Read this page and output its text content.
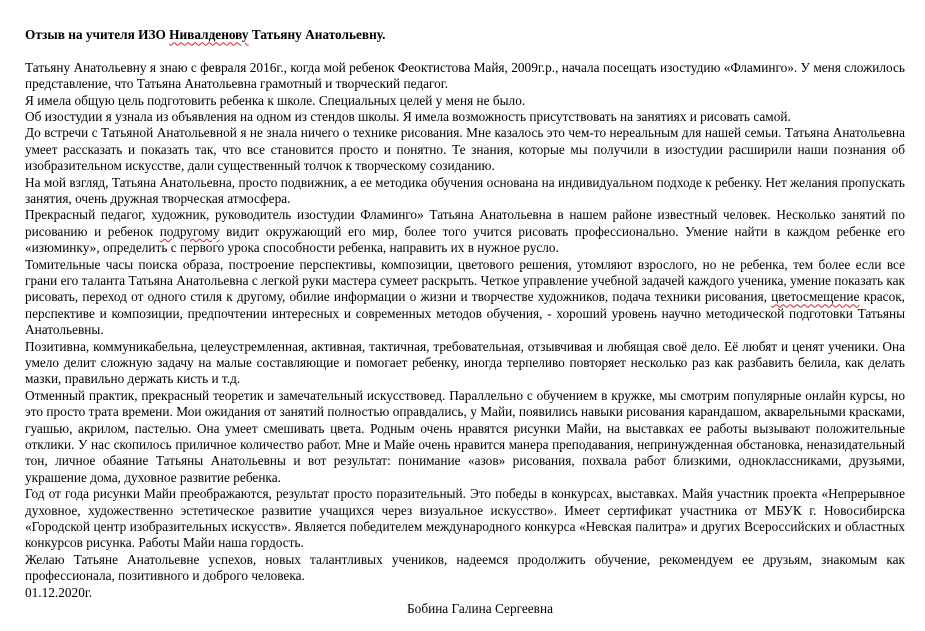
Отзыв на учителя ИЗО Нивалденову Татьяну Анатольевну.

Татьяну Анатольевну я знаю с февраля 2016г., когда мой ребенок Феоктистова Майя, 2009г.р., начала посещать изостудию «Фламинго». У меня сложилось представление, что Татьяна Анатольевна грамотный и творческий педагог.

Я имела общую цель подготовить ребенка к школе. Специальных целей у меня не было.

Об изостудии я узнала из объявления на одном из стендов школы. Я имела возможность присутствовать на занятиях и рисовать самой.

До встречи с Татьяной Анатольевной я не знала ничего о технике рисования. Мне казалось это чем-то нереальным для нашей семьи. Татьяна Анатольевна умеет рассказать и показать так, что все становится просто и понятно. Те знания, которые мы получили в изостудии расширили наши познания об изобразительном искусстве, дали существенный толчок к творческому созиданию.

На мой взгляд, Татьяна Анатольевна, просто подвижник, а ее методика обучения основана на индивидуальном подходе к ребенку. Нет желания пропускать занятия, очень дружная творческая атмосфера.

Прекрасный педагог, художник, руководитель изостудии Фламинго» Татьяна Анатольевна в нашем районе известный человек. Несколько занятий по рисованию и ребенок подругому видит окружающий его мир, более того учится рисовать профессионально. Умение найти в каждом ребенке его «изюминку», определить с первого урока способности ребенка, направить их в нужное русло.

Томительные часы поиска образа, построение перспективы, композиции, цветового решения, утомляют взрослого, но не ребенка, тем более если все грани его таланта Татьяна Анатольевна с легкой руки мастера сумеет раскрыть. Четкое управление учебной задачей каждого ученика, умение показать как рисовать, переход от одного стиля к другому, обилие информации о жизни и творчестве художников, подача техники рисования, цветосмещение красок, перспективе и композиции, предпочтении интересных и современных методов обучения, - хороший уровень научно методической подготовки Татьяны Анатольевны.

Позитивна, коммуникабельна, целеустремленная, активная, тактичная, требовательная, отзывчивая и любящая своё дело. Её любят и ценят ученики. Она умело делит сложную задачу на малые составляющие и помогает ребенку, иногда терпеливо повторяет несколько раз как разбавить белила, как делать мазки, правильно держать кисть и т.д.

Отменный практик, прекрасный теоретик и замечательный искусствовед. Параллельно с обучением в кружке, мы смотрим популярные онлайн курсы, но это просто трата времени. Мои ожидания от занятий полностью оправдались, у Майи, появились навыки рисования карандашом, акварельными красками, гуашью, акрилом, пастелью. Она умеет смешивать цвета. Родным очень нравятся рисунки Майи, на выставках ее работы вызывают положительные отклики. У нас скопилось приличное количество работ. Мне и Майе очень нравится манера преподавания, непринужденная обстановка, неназидательный тон, личное обаяние Татьяны Анатольевны и вот результат: понимание «азов» рисования, похвала работ близкими, одноклассниками, друзьями, украшение дома, духовное развитие ребенка.

Год от года рисунки Майи преображаются, результат просто поразительный. Это победы в конкурсах, выставках. Майя участник проекта «Непрерывное духовное, художественно эстетическое развитие учащихся через визуальное искусство». Имеет сертификат участника от МБУК г. Новосибирска «Городской центр изобразительных искусств». Является победителем международного конкурса «Невская палитра» и других Всероссийских и областных конкурсов рисунка. Работы Майи наша гордость.

Желаю Татьяне Анатольевне успехов, новых талантливых учеников, надеемся продолжить обучение, рекомендуем ее друзьям, знакомым как профессионала, позитивного и доброго человека.

01.12.2020г.

Бобина Галина Сергеевна
